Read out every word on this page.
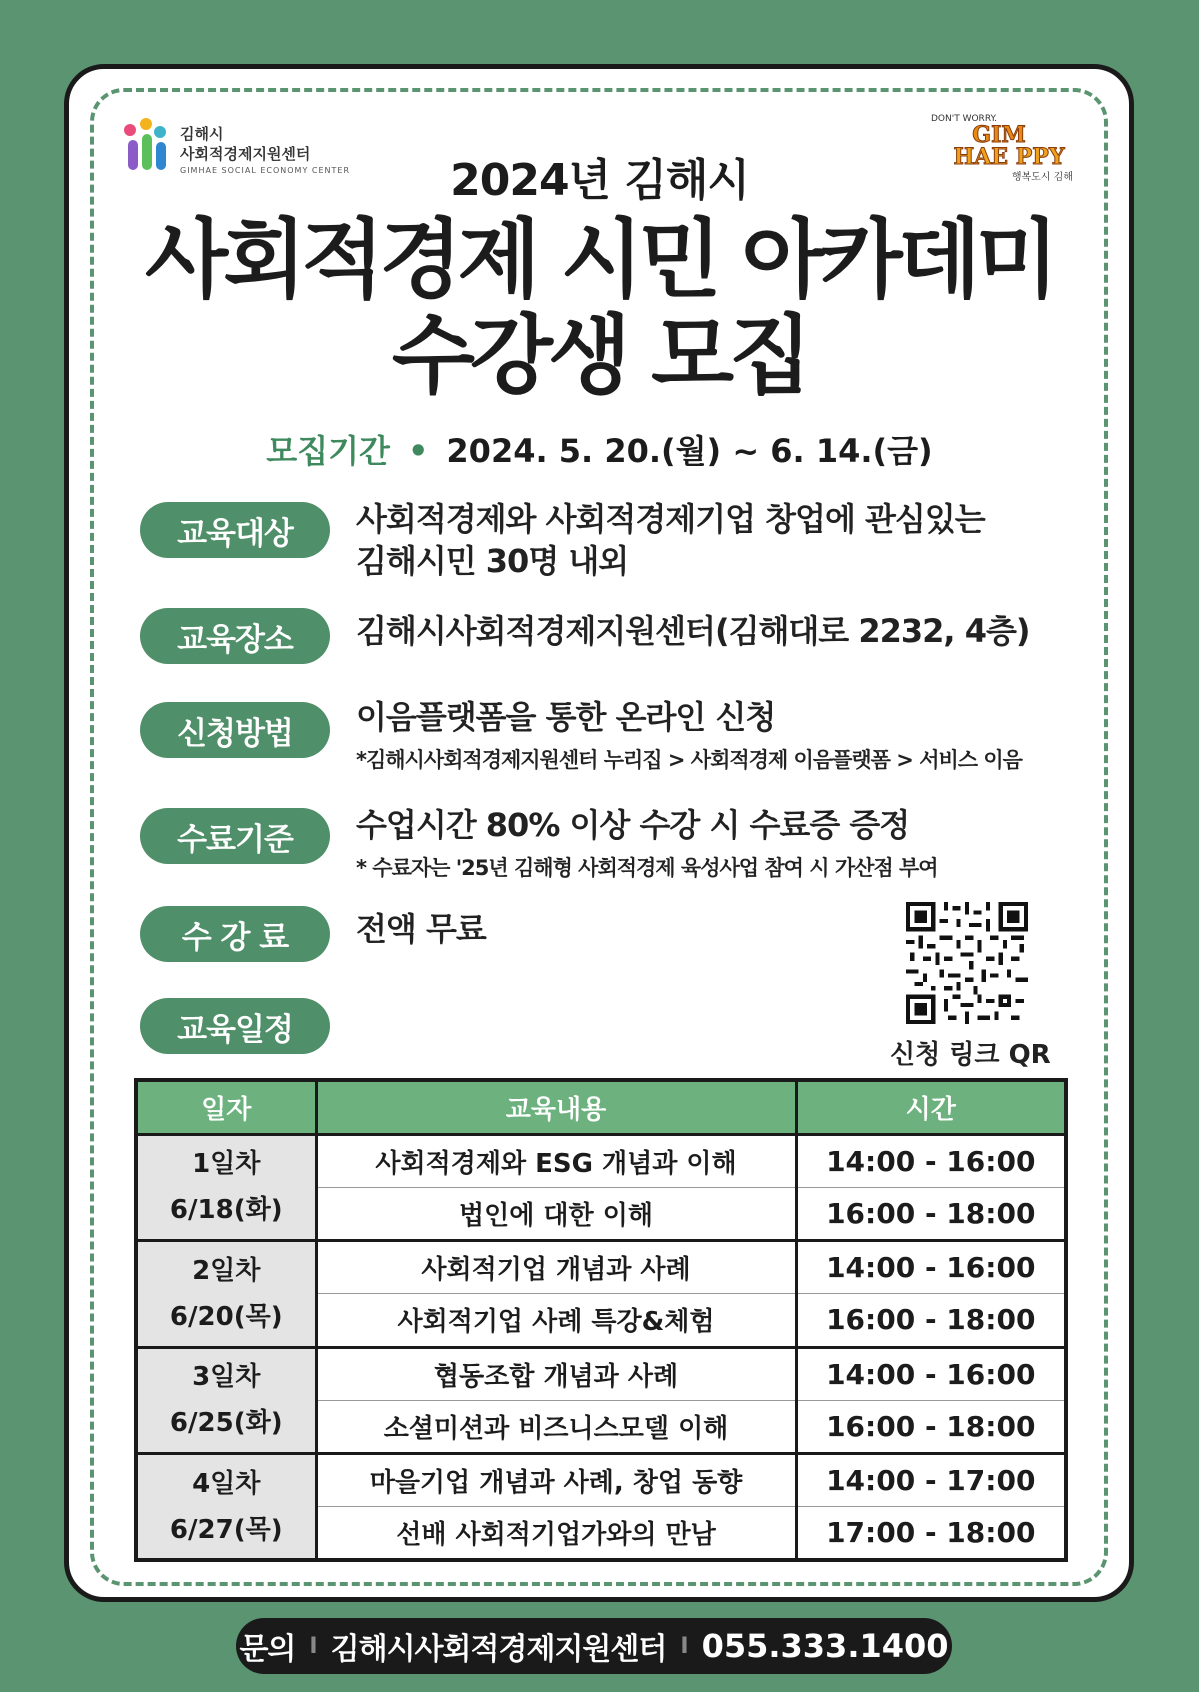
김해시
사회적경제지원센터
GIMHAE SOCIAL ECONOMY CENTER
DON'T WORRY.
GIM
HAE PPY
행복도시 김해
2024년 김해시
사회적경제 시민 아카데미
수강생 모집
모집기간 • 2024. 5. 20.(월) ~ 6. 14.(금)
교육대상	사회적경제와 사회적경제기업 창업에 관심있는
김해시민 30명 내외
교육장소	김해시사회적경제지원센터(김해대로 2232, 4층)
신청방법	이음플랫폼을 통한 온라인 신청
*김해시사회적경제지원센터 누리집 > 사회적경제 이음플랫폼 > 서비스 이음
수료기준	수업시간 80% 이상 수강 시 수료증 증정
* 수료자는 '25년 김해형 사회적경제 육성사업 참여 시 가산점 부여
수 강 료	전액 무료
교육일정
신청 링크 QR
일자	교육내용	시간

1일차
6/18(화)	사회적경제와 ESG 개념과 이해	14:00 - 16:00
	법인에 대한 이해	16:00 - 18:00

2일차
6/20(목)	사회적기업 개념과 사례	14:00 - 16:00
	사회적기업 사례 특강&체험	16:00 - 18:00

3일차
6/25(화)	협동조합 개념과 사례	14:00 - 16:00
	소셜미션과 비즈니스모델 이해	16:00 - 18:00

4일차
6/27(목)	마을기업 개념과 사례, 창업 동향	14:00 - 17:00
	선배 사회적기업가와의 만남	17:00 - 18:00
문의 I 김해시사회적경제지원센터 I 055.333.1400
